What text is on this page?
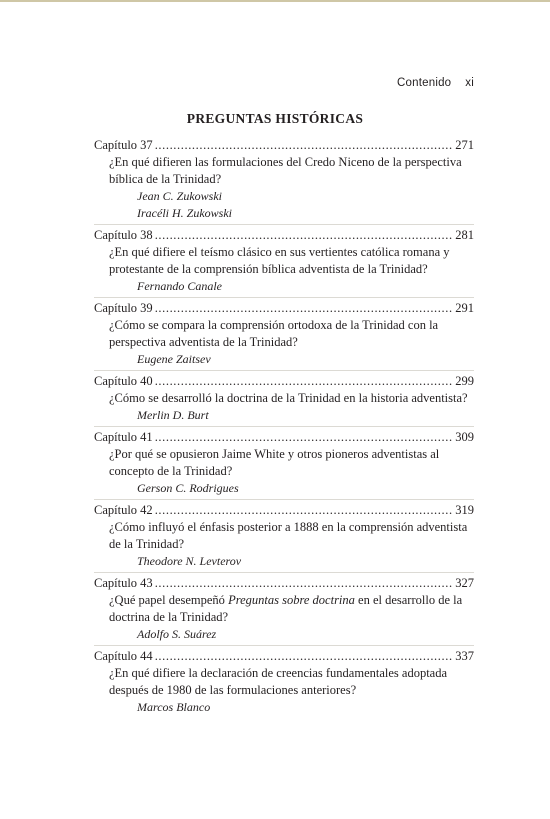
Contenido xi
PREGUNTAS HISTÓRICAS
Capítulo 37 .....	271
¿En qué difieren las formulaciones del Credo Niceno de la perspectiva bíblica de la Trinidad?
Jean C. Zukowski
Iracéli H. Zukowski
Capítulo 38 .....	281
¿En qué difiere el teísmo clásico en sus vertientes católica romana y protestante de la comprensión bíblica adventista de la Trinidad?
Fernando Canale
Capítulo 39 .....	291
¿Cómo se compara la comprensión ortodoxa de la Trinidad con la perspectiva adventista de la Trinidad?
Eugene Zaitsev
Capítulo 40 .....	299
¿Cómo se desarrolló la doctrina de la Trinidad en la historia adventista?
Merlin D. Burt
Capítulo 41 .....	309
¿Por qué se opusieron Jaime White y otros pioneros adventistas al concepto de la Trinidad?
Gerson C. Rodrigues
Capítulo 42 .....	319
¿Cómo influyó el énfasis posterior a 1888 en la comprensión adventista de la Trinidad?
Theodore N. Levterov
Capítulo 43 .....	327
¿Qué papel desempeñó Preguntas sobre doctrina en el desarrollo de la doctrina de la Trinidad?
Adolfo S. Suárez
Capítulo 44 .....	337
¿En qué difiere la declaración de creencias fundamentales adoptada después de 1980 de las formulaciones anteriores?
Marcos Blanco
